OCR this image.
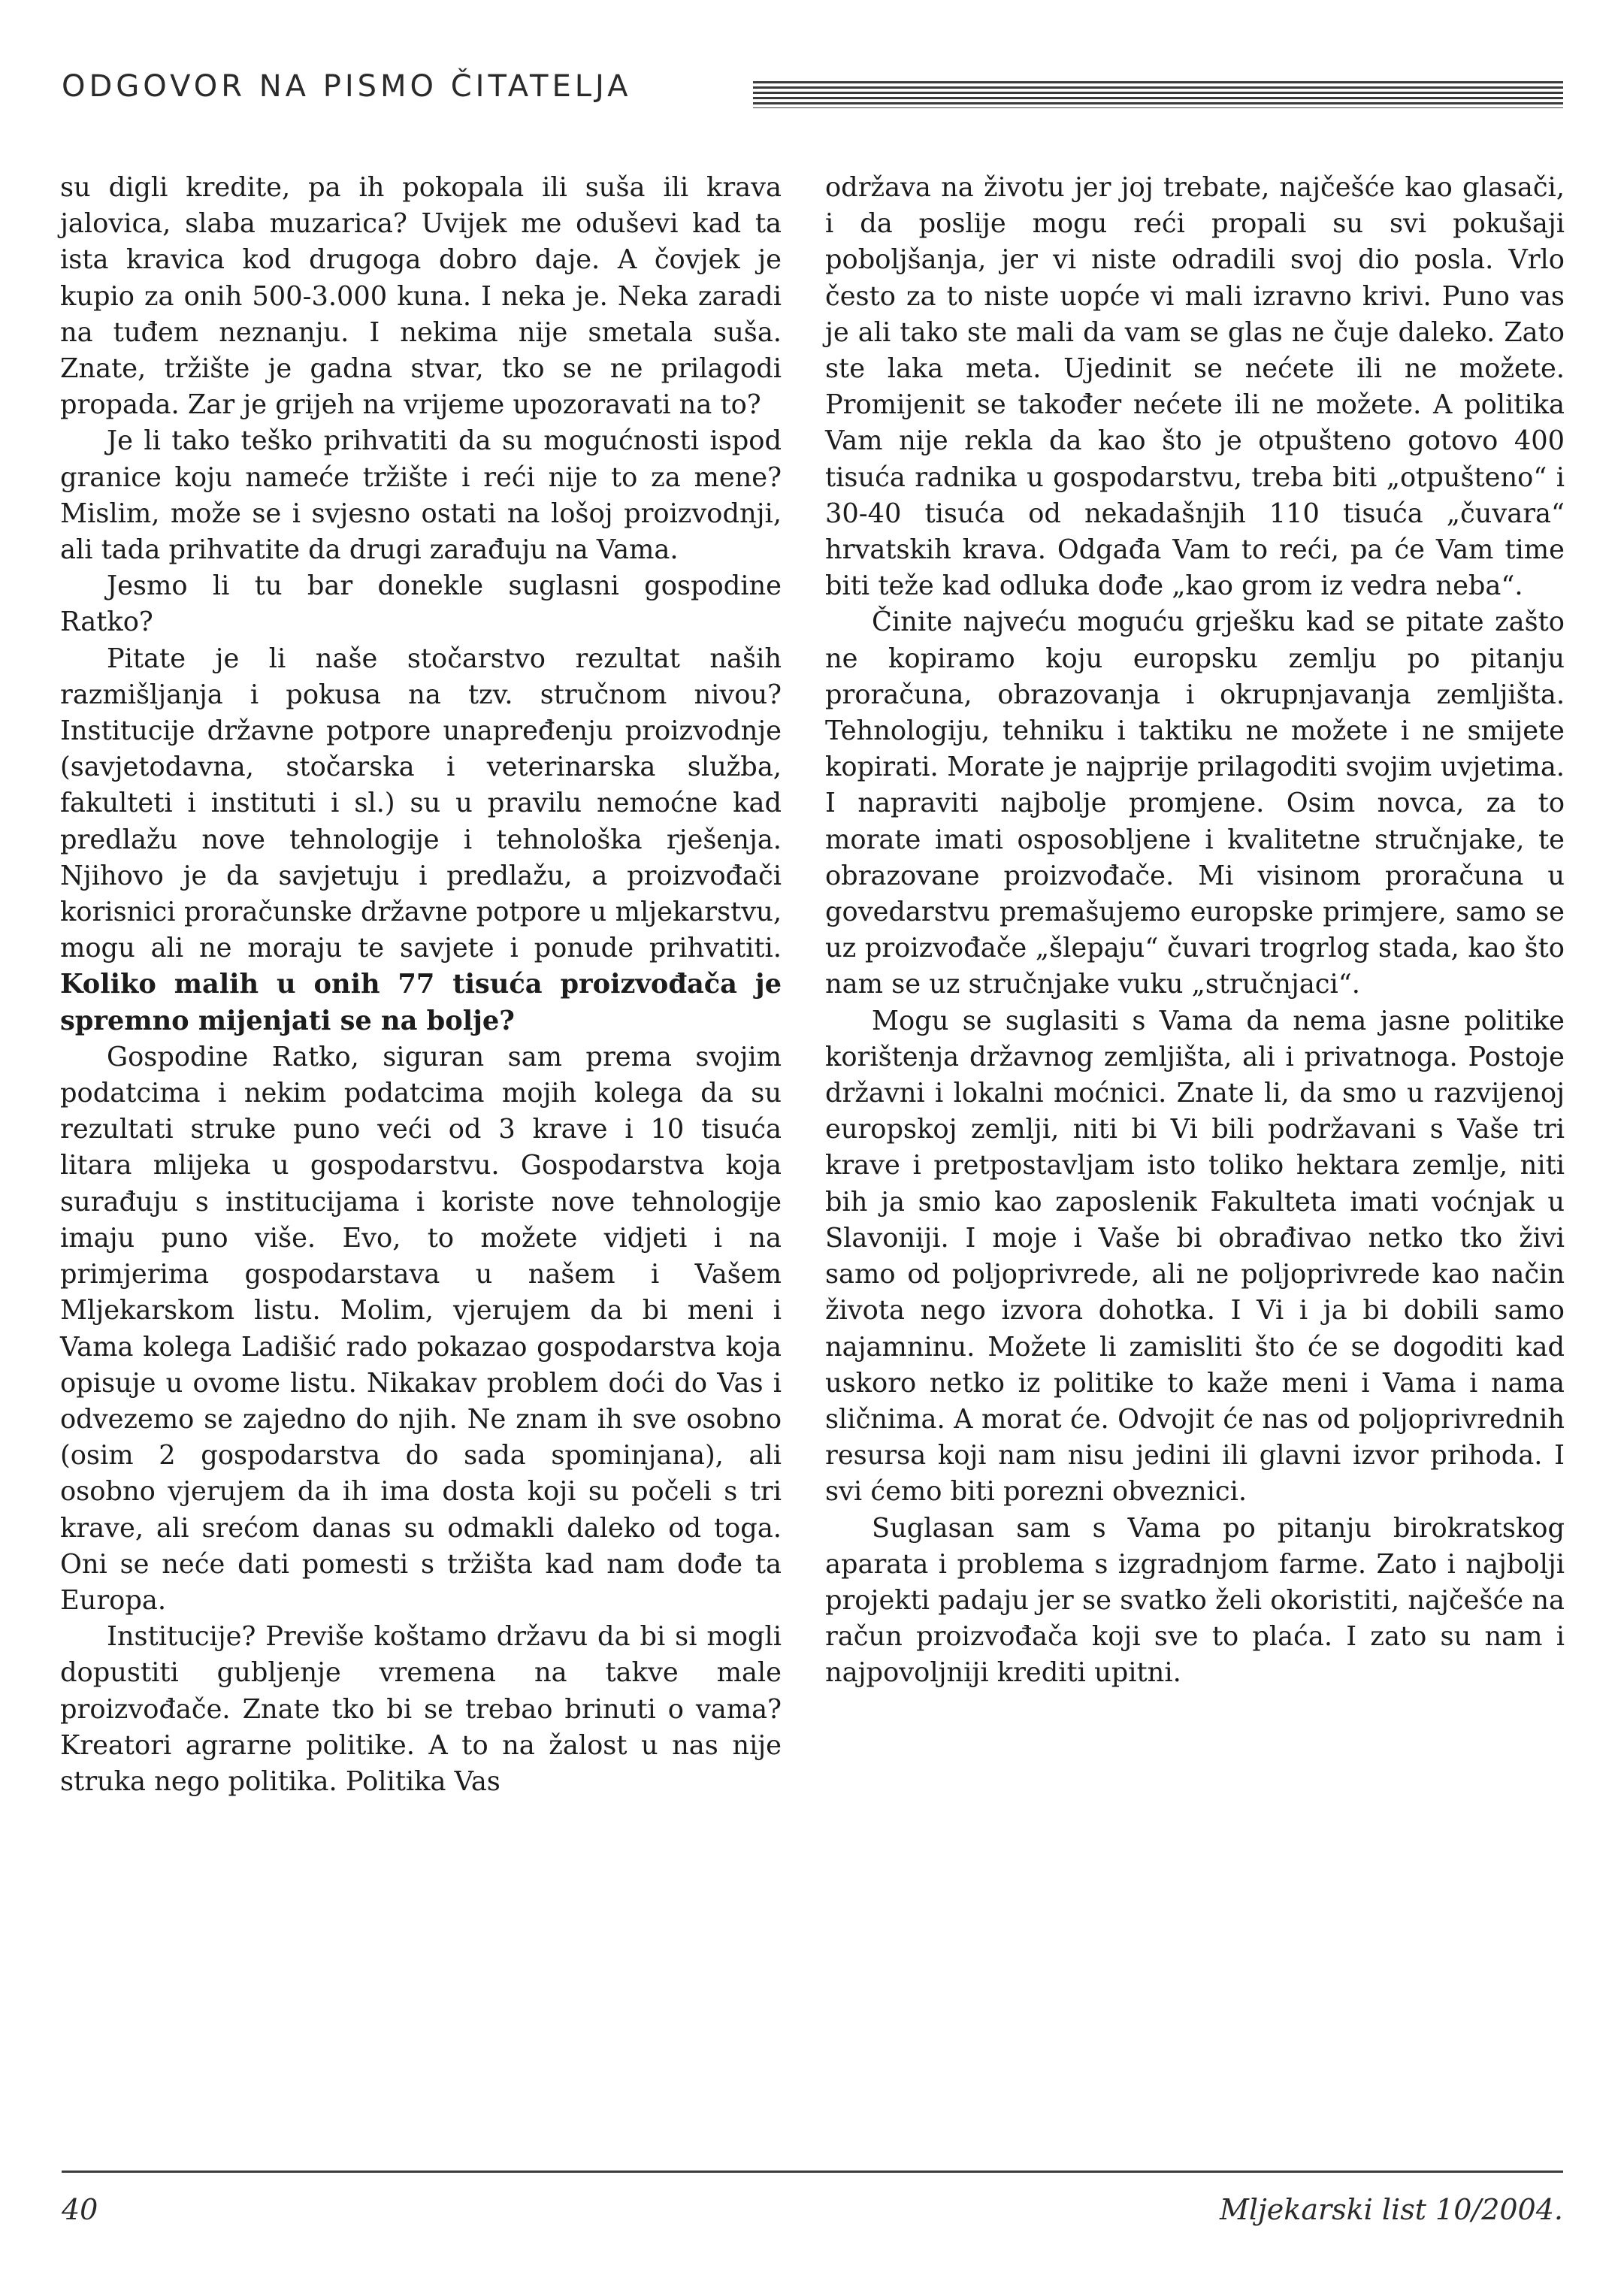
ODGOVOR NA PISMO ČITATELJA

su digli kredite, pa ih pokopala ili suša ili krava jalovica, slaba muzarica? Uvijek me oduševi kad ta ista kravica kod drugoga dobro daje. A čovjek je kupio za onih 500-3.000 kuna. I neka je. Neka zaradi na tuđem neznanju. I nekima nije smetala suša. Znate, tržište je gadna stvar, tko se ne prilagodi propada. Zar je grijeh na vrijeme upozoravati na to?

Je li tako teško prihvatiti da su mogućnosti ispod granice koju nameće tržište i reći nije to za mene? Mislim, može se i svjesno ostati na lošoj proizvodnji, ali tada prihvatite da drugi zarađuju na Vama.

Jesmo li tu bar donekle suglasni gospodine Ratko?

Pitate je li naše stočarstvo rezultat naših razmišljanja i pokusa na tzv. stručnom nivou? Institucije državne potpore unapređenju proizvodnje (savjetodavna, stočarska i veterinarska služba, fakulteti i instituti i sl.) su u pravilu nemoćne kad predlažu nove tehnologije i tehnološka rješenja. Njihovo je da savjetuju i predlažu, a proizvođači korisnici proračunske državne potpore u mljekarstvu, mogu ali ne moraju te savjete i ponude prihvatiti. Koliko malih u onih 77 tisuća proizvođača je spremno mijenjati se na bolje?

Gospodine Ratko, siguran sam prema svojim podatcima i nekim podatcima mojih kolega da su rezultati struke puno veći od 3 krave i 10 tisuća litara mlijeka u gospodarstvu. Gospodarstva koja surađuju s institucijama i koriste nove tehnologije imaju puno više. Evo, to možete vidjeti i na primjerima gospodarstava u našem i Vašem Mljekarskom listu. Molim, vjerujem da bi meni i Vama kolega Ladišić rado pokazao gospodarstva koja opisuje u ovome listu. Nikakav problem doći do Vas i odvezemo se zajedno do njih. Ne znam ih sve osobno (osim 2 gospodarstva do sada spominjana), ali osobno vjerujem da ih ima dosta koji su počeli s tri krave, ali srećom danas su odmakli daleko od toga. Oni se neće dati pomesti s tržišta kad nam dođe ta Europa.

Institucije? Previše koštamo državu da bi si mogli dopustiti gubljenje vremena na takve male proizvođače. Znate tko bi se trebao brinuti o vama? Kreatori agrarne politike. A to na žalost u nas nije struka nego politika. Politika Vas

održava na životu jer joj trebate, najčešće kao glasači, i da poslije mogu reći propali su svi pokušaji poboljšanja, jer vi niste odradili svoj dio posla. Vrlo često za to niste uopće vi mali izravno krivi. Puno vas je ali tako ste mali da vam se glas ne čuje daleko. Zato ste laka meta. Ujedinit se nećete ili ne možete. Promijenit se također nećete ili ne možete. A politika Vam nije rekla da kao što je otpušteno gotovo 400 tisuća radnika u gospodarstvu, treba biti „otpušteno“ i 30-40 tisuća od nekadašnjih 110 tisuća „čuvara“ hrvatskih krava. Odgađa Vam to reći, pa će Vam time biti teže kad odluka dođe „kao grom iz vedra neba“.

Činite najveću moguću grješku kad se pitate zašto ne kopiramo koju europsku zemlju po pitanju proračuna, obrazovanja i okrupnjavanja zemljišta. Tehnologiju, tehniku i taktiku ne možete i ne smijete kopirati. Morate je najprije prilagoditi svojim uvjetima. I napraviti najbolje promjene. Osim novca, za to morate imati osposobljene i kvalitetne stručnjake, te obrazovane proizvođače. Mi visinom proračuna u govedarstvu premašujemo europske primjere, samo se uz proizvođače „šlepaju“ čuvari trogrlog stada, kao što nam se uz stručnjake vuku „stručnjaci“.

Mogu se suglasiti s Vama da nema jasne politike korištenja državnog zemljišta, ali i privatnoga. Postoje državni i lokalni moćnici. Znate li, da smo u razvijenoj europskoj zemlji, niti bi Vi bili podržavani s Vaše tri krave i pretpostavljam isto toliko hektara zemlje, niti bih ja smio kao zaposlenik Fakulteta imati voćnjak u Slavoniji. I moje i Vaše bi obrađivao netko tko živi samo od poljoprivrede, ali ne poljoprivrede kao način života nego izvora dohotka. I Vi i ja bi dobili samo najamninu. Možete li zamisliti što će se dogoditi kad uskoro netko iz politike to kaže meni i Vama i nama sličnima. A morat će. Odvojit će nas od poljoprivrednih resursa koji nam nisu jedini ili glavni izvor prihoda. I svi ćemo biti porezni obveznici.

Suglasan sam s Vama po pitanju birokratskog aparata i problema s izgradnjom farme. Zato i najbolji projekti padaju jer se svatko želi okoristiti, najčešće na račun proizvođača koji sve to plaća. I zato su nam i najpovoljniji krediti upitni.

40	Mljekarski list 10/2004.
